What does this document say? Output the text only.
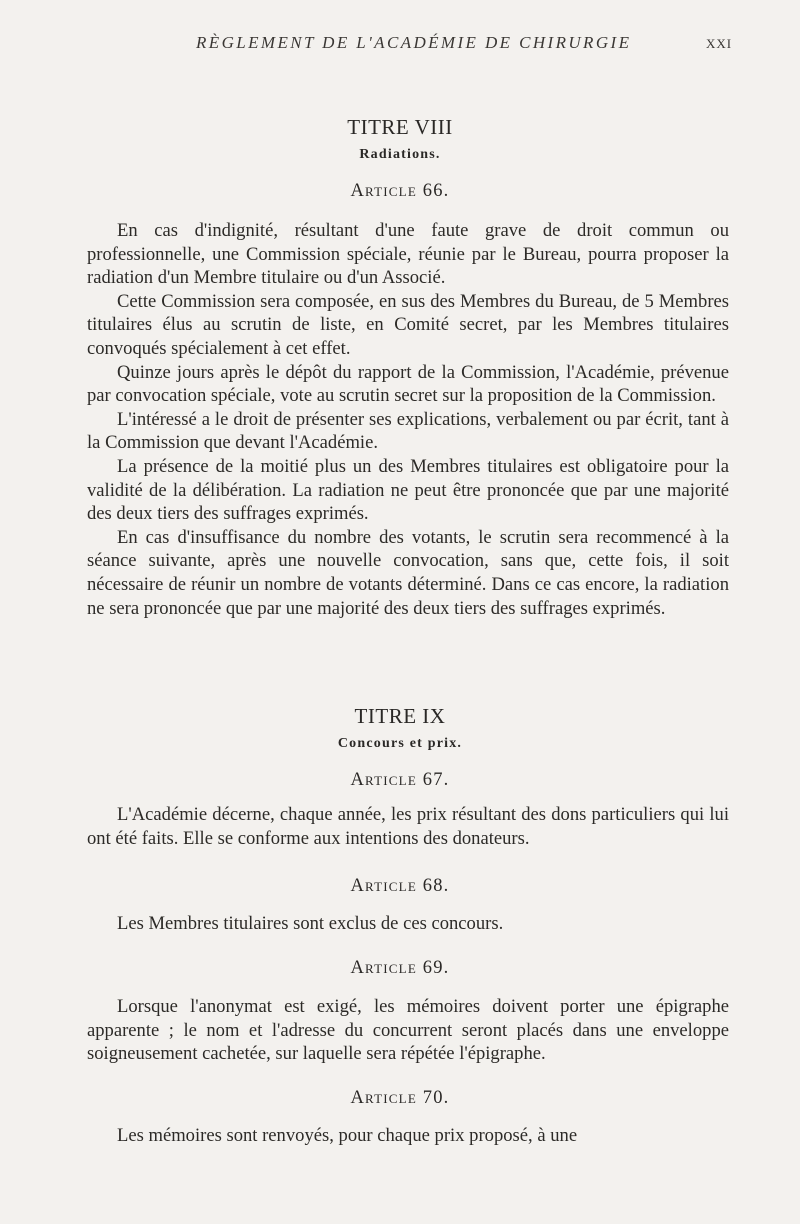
RÈGLEMENT DE L'ACADÉMIE DE CHIRURGIE	XXI
TITRE VIII
Radiations.
Article 66.

En cas d'indignité, résultant d'une faute grave de droit commun ou professionnelle, une Commission spéciale, réunie par le Bureau, pourra proposer la radiation d'un Membre titulaire ou d'un Associé.

Cette Commission sera composée, en sus des Membres du Bureau, de 5 Membres titulaires élus au scrutin de liste, en Comité secret, par les Membres titulaires convoqués spécialement à cet effet.

Quinze jours après le dépôt du rapport de la Commission, l'Académie, prévenue par convocation spéciale, vote au scrutin secret sur la proposition de la Commission.

L'intéressé a le droit de présenter ses explications, verbalement ou par écrit, tant à la Commission que devant l'Académie.

La présence de la moitié plus un des Membres titulaires est obligatoire pour la validité de la délibération. La radiation ne peut être prononcée que par une majorité des deux tiers des suffrages exprimés.

En cas d'insuffisance du nombre des votants, le scrutin sera recommencé à la séance suivante, après une nouvelle convocation, sans que, cette fois, il soit nécessaire de réunir un nombre de votants déterminé. Dans ce cas encore, la radiation ne sera prononcée que par une majorité des deux tiers des suffrages exprimés.

TITRE IX
Concours et prix.
Article 67.

L'Académie décerne, chaque année, les prix résultant des dons particuliers qui lui ont été faits. Elle se conforme aux intentions des donateurs.

Article 68.

Les Membres titulaires sont exclus de ces concours.

Article 69.

Lorsque l'anonymat est exigé, les mémoires doivent porter une épigraphe apparente ; le nom et l'adresse du concurrent seront placés dans une enveloppe soigneusement cachetée, sur laquelle sera répétée l'épigraphe.

Article 70.

Les mémoires sont renvoyés, pour chaque prix proposé, à une
